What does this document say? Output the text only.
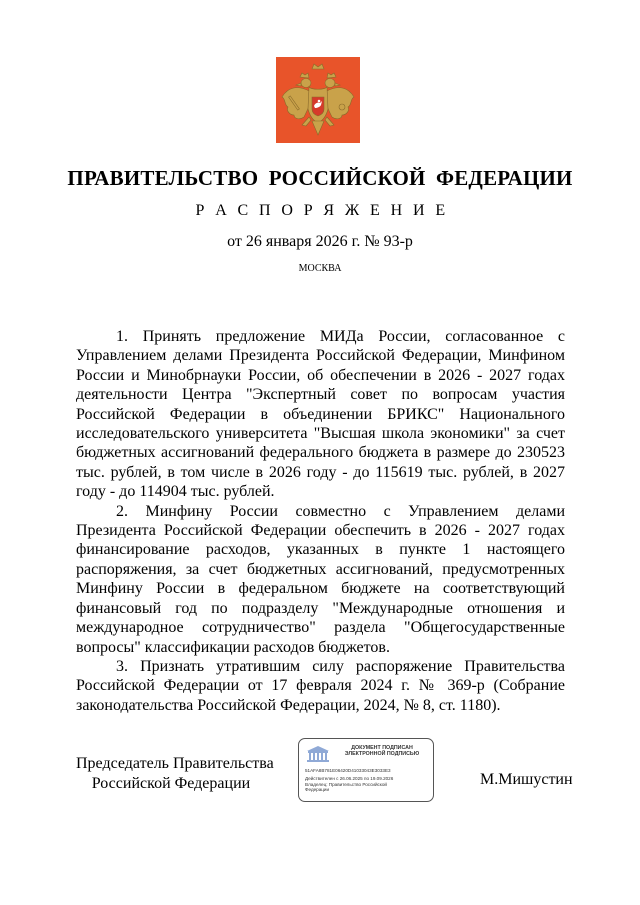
ПРАВИТЕЛЬСТВО РОССИЙСКОЙ ФЕДЕРАЦИИ
Р А С П О Р Я Ж Е Н И Е
от 26 января 2026 г. № 93-р
МОСКВА

1. Принять предложение МИДа России, согласованное с Управлением делами Президента Российской Федерации, Минфином России и Минобрнауки России, об обеспечении в 2026 - 2027 годах деятельности Центра "Экспертный совет по вопросам участия Российской Федерации в объединении БРИКС" Национального исследовательского университета "Высшая школа экономики" за счет бюджетных ассигнований федерального бюджета в размере до 230523 тыс. рублей, в том числе в 2026 году - до 115619 тыс. рублей, в 2027 году - до 114904 тыс. рублей.

2. Минфину России совместно с Управлением делами Президента Российской Федерации обеспечить в 2026 - 2027 годах финансирование расходов, указанных в пункте 1 настоящего распоряжения, за счет бюджетных ассигнований, предусмотренных Минфину России в федеральном бюджете на соответствующий финансовый год по подразделу "Международные отношения и международное сотрудничество" раздела "Общегосударственные вопросы" классификации расходов бюджетов.

3. Признать утратившим силу распоряжение Правительства Российской Федерации от 17 февраля 2024 г. № 369-р (Собрание законодательства Российской Федерации, 2024, № 8, ст. 1180).

Председатель Правительства
Российской Федерации
ДОКУМЕНТ ПОДПИСАН
ЭЛЕКТРОННОЙ ПОДПИСЬЮ
51AFA8B781E06420D41033043E3033E3
Действителен с 26.06.2025 по 19.09.2026
Владелец: Правительство Российской
Федерации
М.Мишустин
